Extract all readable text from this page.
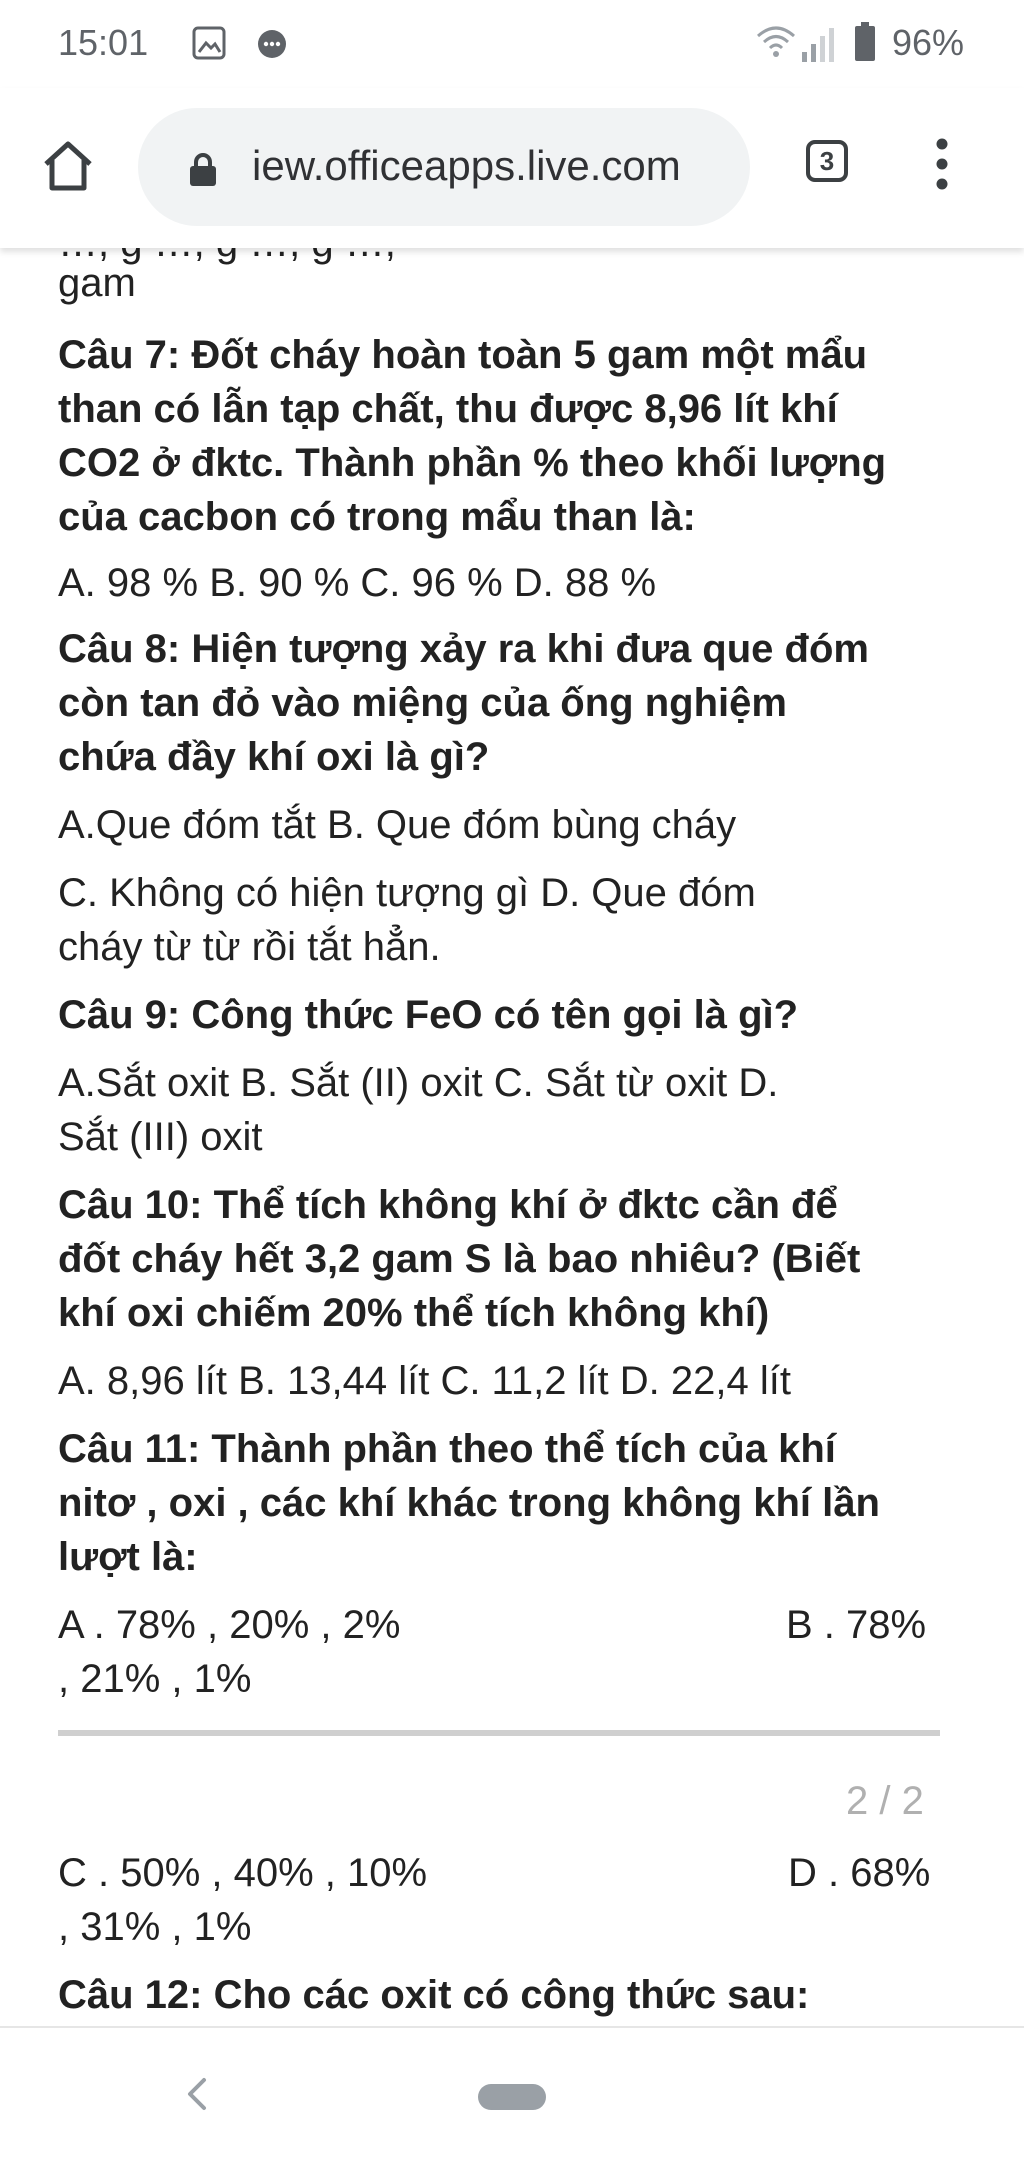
15:01	96%
iew.officeapps.live.com	3
gam
Câu 7: Đốt cháy hoàn toàn 5 gam một mẩu
than có lẫn tạp chất, thu được 8,96 lít khí
CO2 ở đktc. Thành phần % theo khối lượng
của cacbon có trong mẩu than là:
A. 98 % B. 90 % C. 96 % D. 88 %
Câu 8: Hiện tượng xảy ra khi đưa que đóm
còn tan đỏ vào miệng của ống nghiệm
chứa đầy khí oxi là gì?
A.Que đóm tắt B. Que đóm bùng cháy
C. Không có hiện tượng gì D. Que đóm
cháy từ từ rồi tắt hẳn.
Câu 9: Công thức FeO có tên gọi là gì?
A.Sắt oxit B. Sắt (II) oxit C. Sắt từ oxit D.
Sắt (III) oxit
Câu 10: Thể tích không khí ở đktc cần để
đốt cháy hết 3,2 gam S là bao nhiêu? (Biết
khí oxi chiếm 20% thể tích không khí)
A. 8,96 lít B. 13,44 lít C. 11,2 lít D. 22,4 lít
Câu 11: Thành phần theo thể tích của khí
nitơ , oxi , các khí khác trong không khí lần
lượt là:
A . 78% , 20% , 2%	B . 78%
, 21% , 1%
2 / 2
C . 50% , 40% , 10%	D . 68%
, 31% , 1%
Câu 12: Cho các oxit có công thức sau:
